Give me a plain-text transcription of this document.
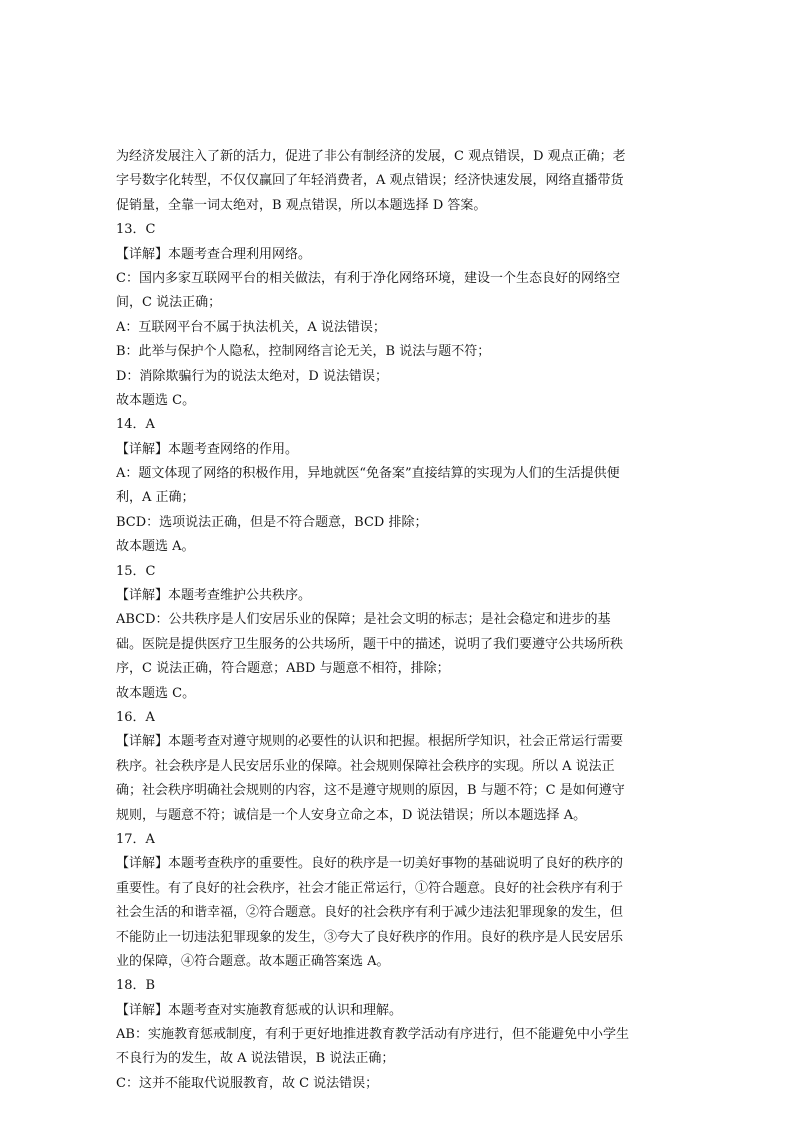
为经济发展注入了新的活力，促进了非公有制经济的发展，C 观点错误，D 观点正确；老
字号数字化转型，不仅仅赢回了年轻消费者，A 观点错误；经济快速发展，网络直播带货
促销量，全靠一词太绝对，B 观点错误，所以本题选择 D 答案。
13．C
【详解】本题考查合理利用网络。
C：国内多家互联网平台的相关做法，有利于净化网络环境，建设一个生态良好的网络空
间，C 说法正确；
A：互联网平台不属于执法机关，A 说法错误；
B：此举与保护个人隐私，控制网络言论无关，B 说法与题不符；
D：消除欺骗行为的说法太绝对，D 说法错误；
故本题选 C。
14．A
【详解】本题考查网络的作用。
A：题文体现了网络的积极作用，异地就医“免备案”直接结算的实现为人们的生活提供便
利，A 正确；
BCD：选项说法正确，但是不符合题意，BCD 排除；
故本题选 A。
15．C
【详解】本题考查维护公共秩序。
ABCD：公共秩序是人们安居乐业的保障；是社会文明的标志；是社会稳定和进步的基
础。医院是提供医疗卫生服务的公共场所，题干中的描述，说明了我们要遵守公共场所秩
序，C 说法正确，符合题意；ABD 与题意不相符，排除；
故本题选 C。
16．A
【详解】本题考查对遵守规则的必要性的认识和把握。根据所学知识，社会正常运行需要
秩序。社会秩序是人民安居乐业的保障。社会规则保障社会秩序的实现。所以 A 说法正
确；社会秩序明确社会规则的内容，这不是遵守规则的原因，B 与题不符；C 是如何遵守
规则，与题意不符；诚信是一个人安身立命之本，D 说法错误；所以本题选择 A。
17．A
【详解】本题考查秩序的重要性。良好的秩序是一切美好事物的基础说明了良好的秩序的
重要性。有了良好的社会秩序，社会才能正常运行，①符合题意。良好的社会秩序有利于
社会生活的和谐幸福，②符合题意。良好的社会秩序有利于减少违法犯罪现象的发生，但
不能防止一切违法犯罪现象的发生，③夸大了良好秩序的作用。良好的秩序是人民安居乐
业的保障，④符合题意。故本题正确答案选 A。
18．B
【详解】本题考查对实施教育惩戒的认识和理解。
AB：实施教育惩戒制度，有利于更好地推进教育教学活动有序进行，但不能避免中小学生
不良行为的发生，故 A 说法错误，B 说法正确；
C：这并不能取代说服教育，故 C 说法错误；
